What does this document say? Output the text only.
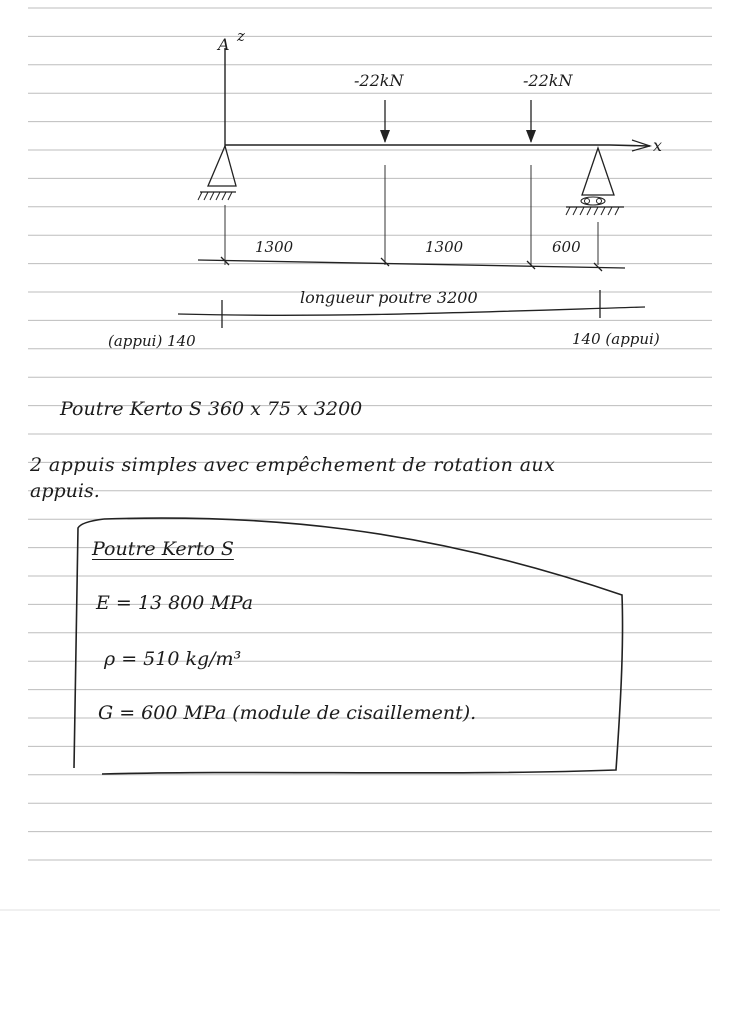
A z
x
-22kN	-22kN
1300	1300	600
longueur poutre 3200
(appui) 140	140 (appui)
Poutre Kerto S 360 x 75 x 3200
2 appuis simples avec empêchement de rotation aux
appuis.
Poutre Kerto S
E = 13 800 MPa
ρ = 510 kg/m³
G = 600 MPa (module de cisaillement).
